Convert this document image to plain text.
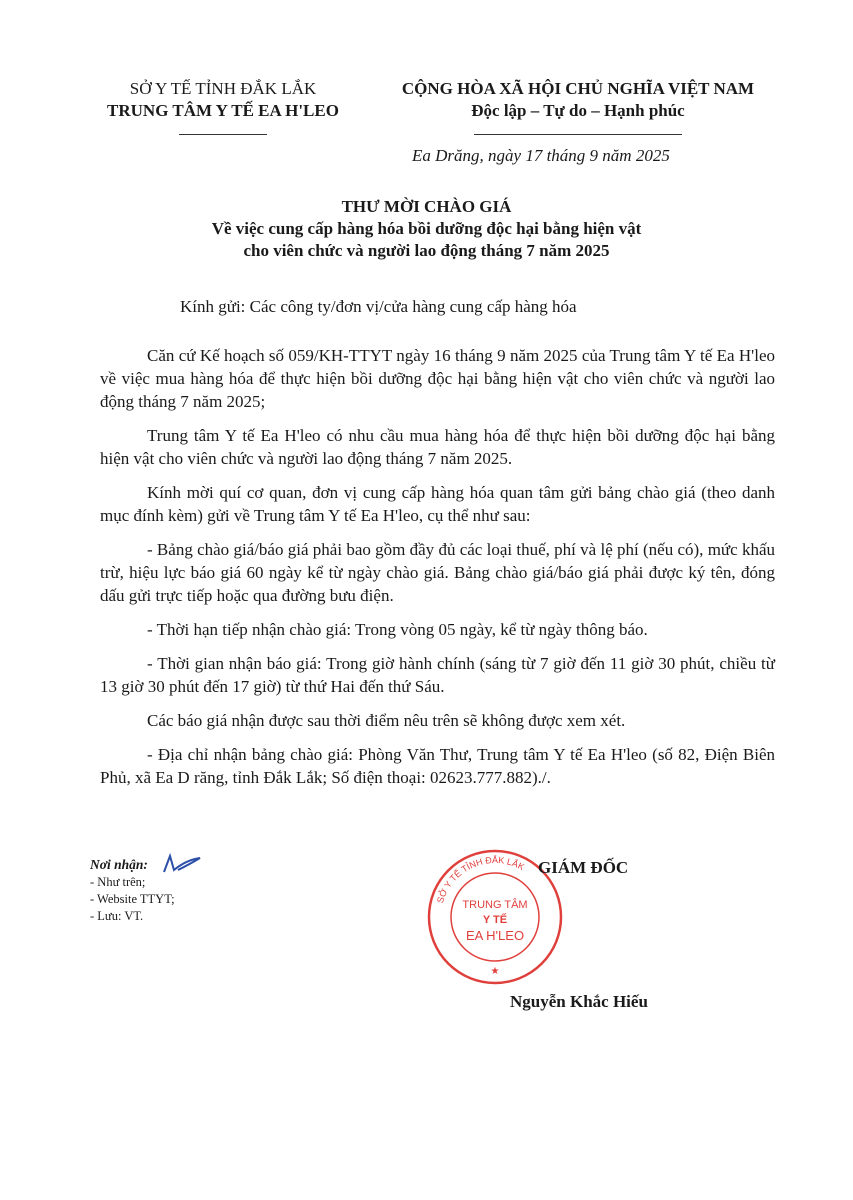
SỞ Y TẾ TỈNH ĐẮK LẮK
TRUNG TÂM Y TẾ EA H'LEO
CỘNG HÒA XÃ HỘI CHỦ NGHĨA VIỆT NAM
Độc lập – Tự do – Hạnh phúc
Ea Drăng, ngày 17 tháng 9 năm 2025
THƯ MỜI CHÀO GIÁ
Về việc cung cấp hàng hóa bồi dưỡng độc hại bằng hiện vật
cho viên chức và người lao động tháng 7 năm 2025
Kính gửi: Các công ty/đơn vị/cửa hàng cung cấp hàng hóa

Căn cứ Kế hoạch số 059/KH-TTYT ngày 16 tháng 9 năm 2025 của Trung tâm Y tế Ea H'leo về việc mua hàng hóa để thực hiện bồi dưỡng độc hại bằng hiện vật cho viên chức và người lao động tháng 7 năm 2025;

Trung tâm Y tế Ea H'leo có nhu cầu mua hàng hóa để thực hiện bồi dưỡng độc hại bằng hiện vật cho viên chức và người lao động tháng 7 năm 2025.

Kính mời quí cơ quan, đơn vị cung cấp hàng hóa quan tâm gửi bảng chào giá (theo danh mục đính kèm) gửi về Trung tâm Y tế Ea H'leo, cụ thể như sau:

- Bảng chào giá/báo giá phải bao gồm đầy đủ các loại thuế, phí và lệ phí (nếu có), mức khấu trừ, hiệu lực báo giá 60 ngày kể từ ngày chào giá. Bảng chào giá/báo giá phải được ký tên, đóng dấu gửi trực tiếp hoặc qua đường bưu điện.

- Thời hạn tiếp nhận chào giá: Trong vòng 05 ngày, kể từ ngày thông báo.

- Thời gian nhận báo giá: Trong giờ hành chính (sáng từ 7 giờ đến 11 giờ 30 phút, chiều từ 13 giờ 30 phút đến 17 giờ) từ thứ Hai đến thứ Sáu.

Các báo giá nhận được sau thời điểm nêu trên sẽ không được xem xét.

- Địa chỉ nhận bảng chào giá: Phòng Văn Thư, Trung tâm Y tế Ea H'leo (số 82, Điện Biên Phủ, xã Ea D răng, tỉnh Đắk Lắk; Số điện thoại: 02623.777.882)./.

Nơi nhận:
- Như trên;
- Website TTYT;
- Lưu: VT.
SỞ Y TẾ TỈNH ĐẮK LẮK
TRUNG TÂM
Y TẾ
EA H'LEO
★
GIÁM ĐỐC
Nguyễn Khắc Hiếu
